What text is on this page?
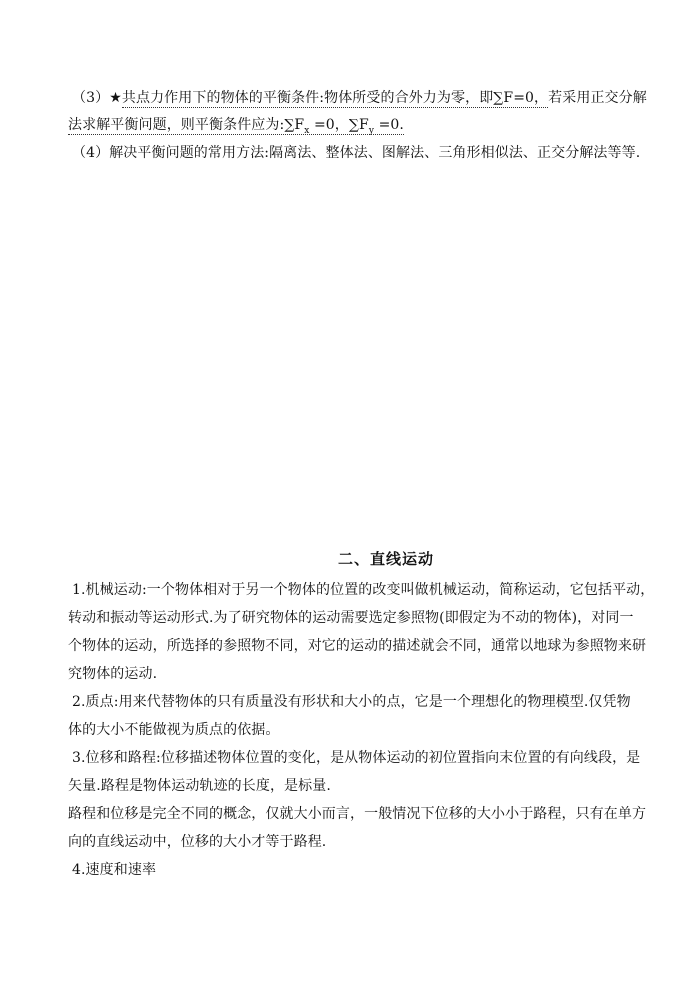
（3）★共点力作用下的物体的平衡条件:物体所受的合外力为零，即∑F=0，若采用正交分解
法求解平衡问题，则平衡条件应为$:\sum F_x =0$，$\sum F_y =0$.
（4）解决平衡问题的常用方法:隔离法、整体法、图解法、三角形相似法、正交分解法等等.
二、直线运动
1.机械运动:一个物体相对于另一个物体的位置的改变叫做机械运动，简称运动，它包括平动，
转动和振动等运动形式.为了研究物体的运动需要选定参照物(即假定为不动的物体)，对同一
个物体的运动，所选择的参照物不同，对它的运动的描述就会不同，通常以地球为参照物来研
究物体的运动.
2.质点:用来代替物体的只有质量没有形状和大小的点，它是一个理想化的物理模型.仅凭物
体的大小不能做视为质点的依据。
3.位移和路程:位移描述物体位置的变化，是从物体运动的初位置指向末位置的有向线段，是
矢量.路程是物体运动轨迹的长度，是标量.
路程和位移是完全不同的概念，仅就大小而言，一般情况下位移的大小小于路程，只有在单方
向的直线运动中，位移的大小才等于路程.
4.速度和速率
